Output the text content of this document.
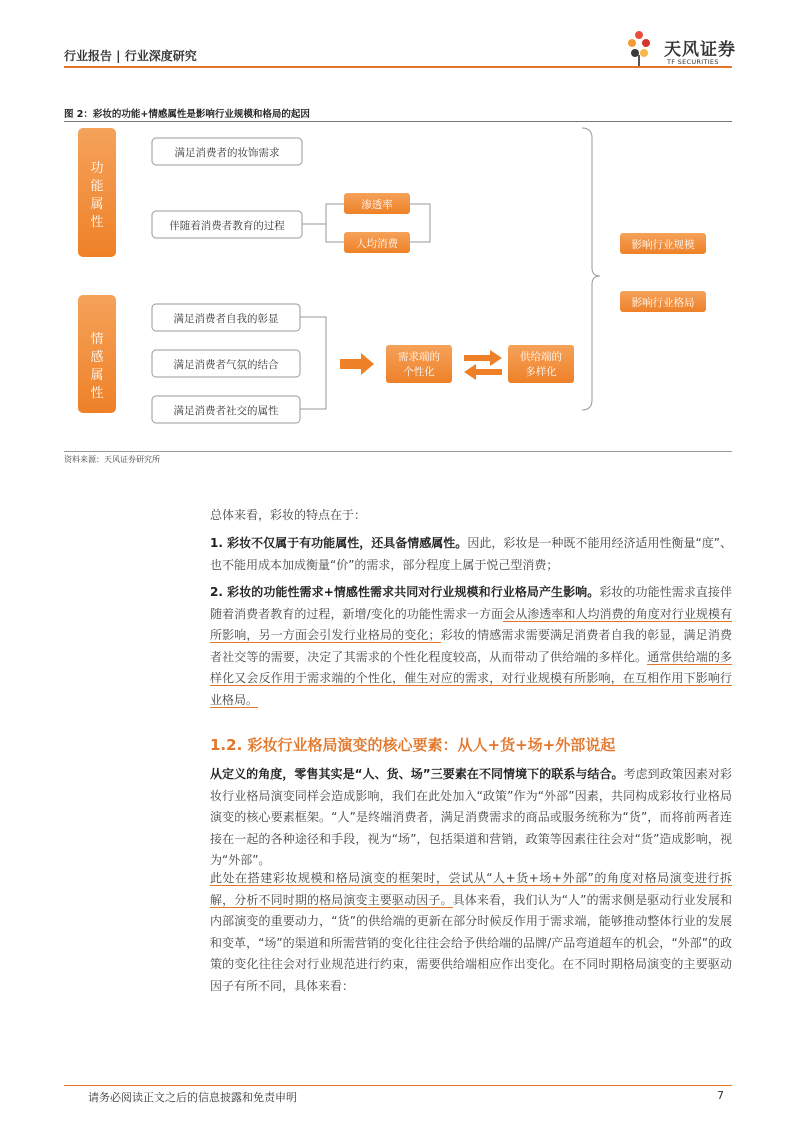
行业报告 | 行业深度研究	天风证券
TF SECURITIES
图 2：彩妆的功能+情感属性是影响行业规模和格局的起因
功
能
属
性
情
感
属
性
满足消费者的妆饰需求
伴随着消费者教育的过程
满足消费者自我的彰显
满足消费者气氛的结合
满足消费者社交的属性
渗透率
人均消费
需求端的
个性化
供给端的
多样化
影响行业规模
影响行业格局
资料来源：天风证券研究所
总体来看，彩妆的特点在于：
1. 彩妆不仅属于有功能属性，还具备情感属性。因此，彩妆是一种既不能用经济适用性衡量“度”、也不能用成本加成衡量“价”的需求，部分程度上属于悦己型消费；
2. 彩妆的功能性需求+情感性需求共同对行业规模和行业格局产生影响。彩妆的功能性需求直接伴随着消费者教育的过程，新增/变化的功能性需求一方面会从渗透率和人均消费的角度对行业规模有所影响，另一方面会引发行业格局的变化；彩妆的情感需求需要满足消费者自我的彰显，满足消费者社交等的需要，决定了其需求的个性化程度较高，从而带动了供给端的多样化。通常供给端的多样化又会反作用于需求端的个性化，催生对应的需求，对行业规模有所影响，在互相作用下影响行业格局。
1.2. 彩妆行业格局演变的核心要素：从人+货+场+外部说起
从定义的角度，零售其实是“人、货、场”三要素在不同情境下的联系与结合。考虑到政策因素对彩妆行业格局演变同样会造成影响，我们在此处加入“政策”作为“外部”因素，共同构成彩妆行业格局演变的核心要素框架。“人”是终端消费者，满足消费需求的商品或服务统称为“货”，而将前两者连接在一起的各种途径和手段，视为“场”，包括渠道和营销，政策等因素往往会对“货”造成影响，视为“外部”。
此处在搭建彩妆规模和格局演变的框架时，尝试从“人+货+场+外部”的角度对格局演变进行拆解，分析不同时期的格局演变主要驱动因子。具体来看，我们认为“人”的需求侧是驱动行业发展和内部演变的重要动力，“货”的供给端的更新在部分时候反作用于需求端，能够推动整体行业的发展和变革，“场”的渠道和所需营销的变化往往会给予供给端的品牌/产品弯道超车的机会，“外部”的政策的变化往往会对行业规范进行约束，需要供给端相应作出变化。在不同时期格局演变的主要驱动因子有所不同，具体来看：
请务必阅读正文之后的信息披露和免责申明	7
